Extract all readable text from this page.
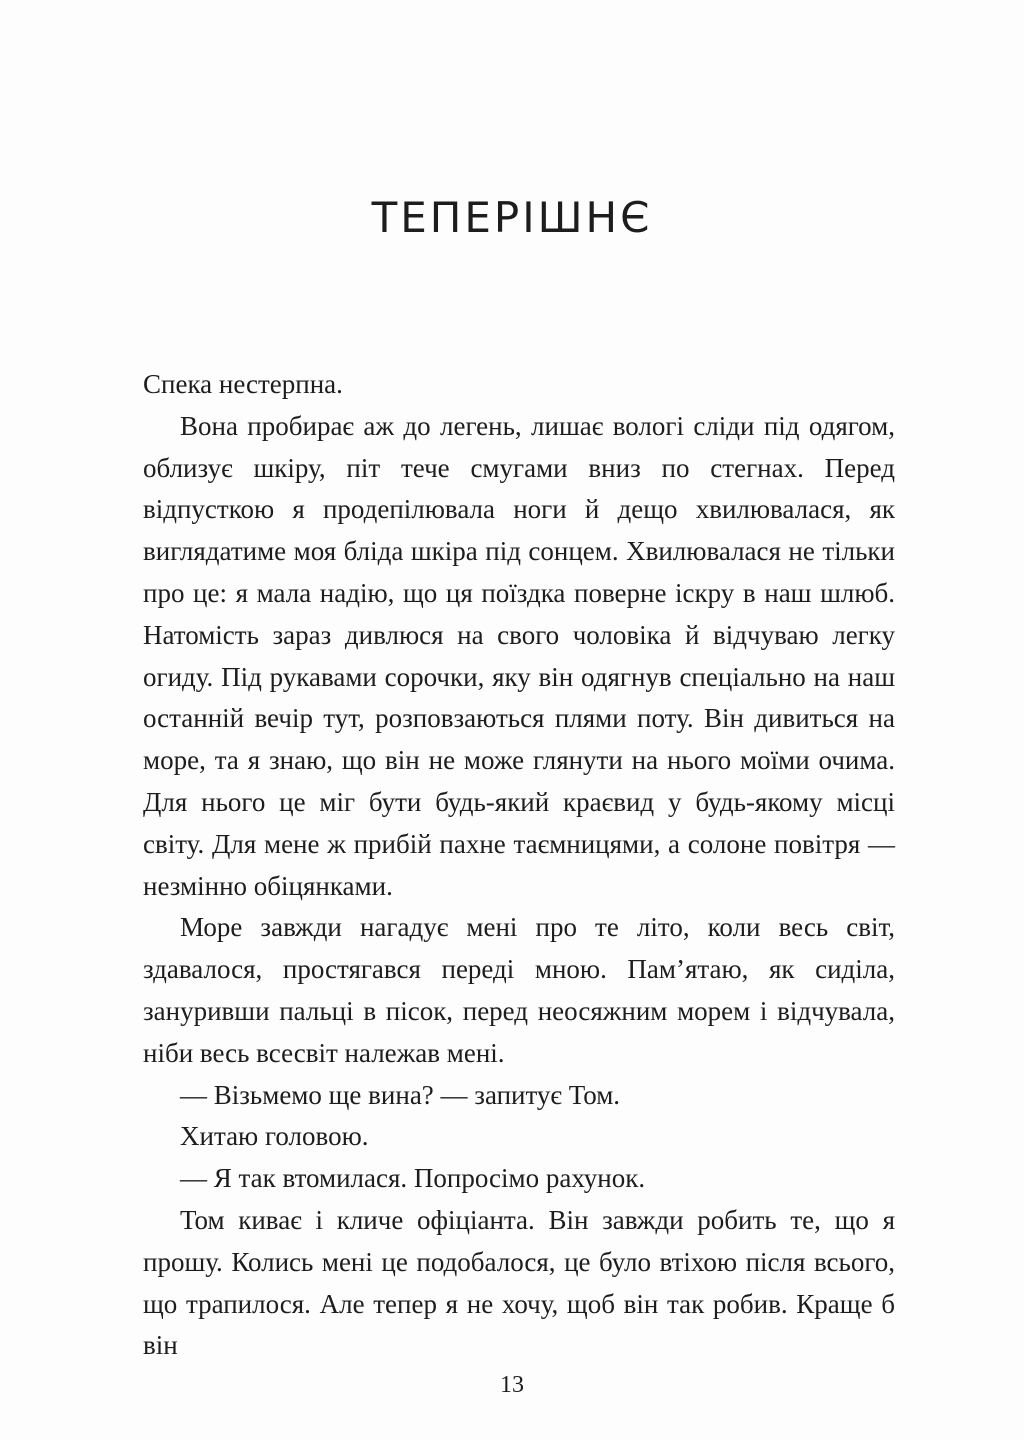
ТЕПЕРІШНЄ

Спека нестерпна.

Вона пробирає аж до легень, лишає вологі сліди під одягом, облизує шкіру, піт тече смугами вниз по стегнах. Перед відпусткою я продепілювала ноги й дещо хвилювалася, як виглядатиме моя бліда шкіра під сонцем. Хвилювалася не тільки про це: я мала надію, що ця поїздка поверне іскру в наш шлюб. Натомість зараз дивлюся на свого чоловіка й відчуваю легку огиду. Під рукавами сорочки, яку він одягнув спеціально на наш останній вечір тут, розповзаються плями поту. Він дивиться на море, та я знаю, що він не може глянути на нього моїми очима. Для нього це міг бути будь-який краєвид у будь-якому місці світу. Для мене ж прибій пахне таємницями, а солоне повітря — незмінно обіцянками.

Море завжди нагадує мені про те літо, коли весь світ, здавалося, простягався переді мною. Пам’ятаю, як сиділа, зануривши пальці в пісок, перед неосяжним морем і відчувала, ніби весь всесвіт належав мені.

— Візьмемо ще вина? — запитує Том.

Хитаю головою.

— Я так втомилася. Попросімо рахунок.

Том киває і кличе офіціанта. Він завжди робить те, що я прошу. Колись мені це подобалося, це було втіхою після всього, що трапилося. Але тепер я не хочу, щоб він так робив. Краще б він

13
